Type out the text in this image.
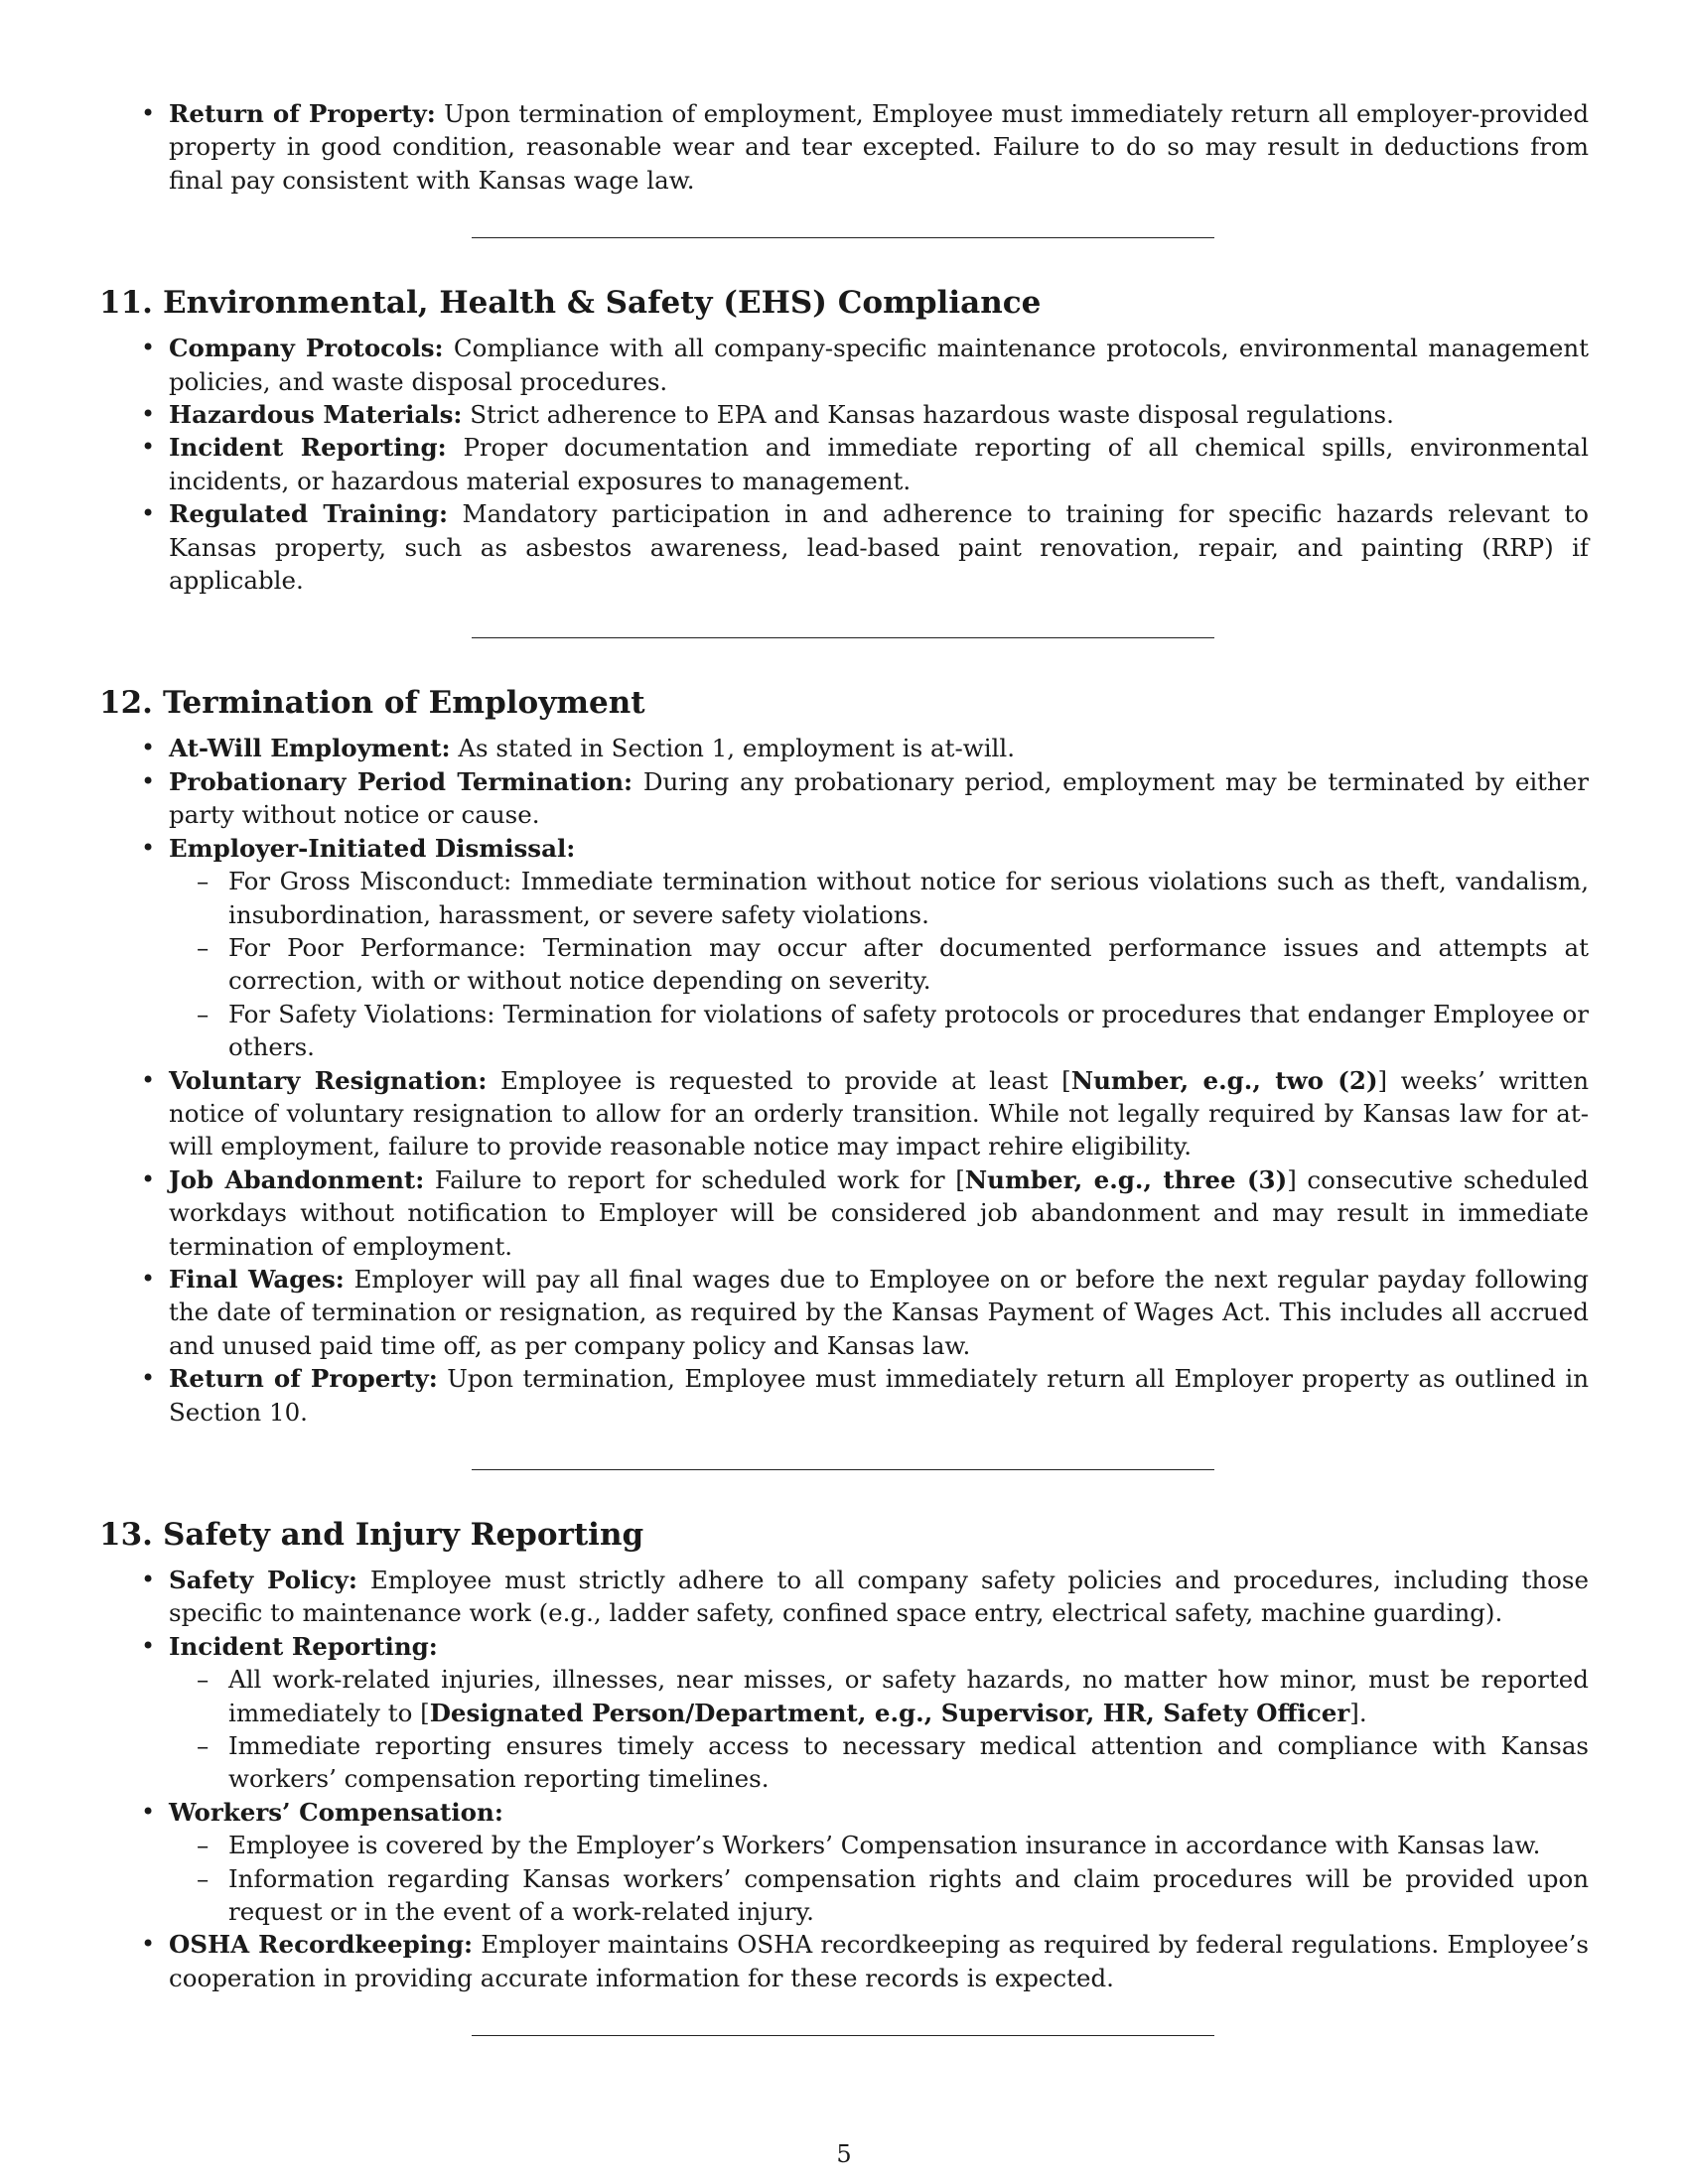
• Return of Property: Upon termination of employment, Employee must immediately return all employer-provided property in good condition, reasonable wear and tear excepted. Failure to do so may result in deductions from final pay consistent with Kansas wage law.
11. Environmental, Health & Safety (EHS) Compliance
• Company Protocols: Compliance with all company-specific maintenance protocols, environmental management policies, and waste disposal procedures.
• Hazardous Materials: Strict adherence to EPA and Kansas hazardous waste disposal regulations.
• Incident Reporting: Proper documentation and immediate reporting of all chemical spills, environmental incidents, or hazardous material exposures to management.
• Regulated Training: Mandatory participation in and adherence to training for specific hazards relevant to Kansas property, such as asbestos awareness, lead-based paint renovation, repair, and painting (RRP) if applicable.
12. Termination of Employment
• At-Will Employment: As stated in Section 1, employment is at-will.
• Probationary Period Termination: During any probationary period, employment may be terminated by either party without notice or cause.
• Employer-Initiated Dismissal:
– For Gross Misconduct: Immediate termination without notice for serious violations such as theft, vandalism, insubordination, harassment, or severe safety violations.
– For Poor Performance: Termination may occur after documented performance issues and attempts at correction, with or without notice depending on severity.
– For Safety Violations: Termination for violations of safety protocols or procedures that endanger Employee or others.
• Voluntary Resignation: Employee is requested to provide at least [Number, e.g., two (2)] weeks’ written notice of voluntary resignation to allow for an orderly transition. While not legally required by Kansas law for at-will employment, failure to provide reasonable notice may impact rehire eligibility.
• Job Abandonment: Failure to report for scheduled work for [Number, e.g., three (3)] consecutive scheduled workdays without notification to Employer will be considered job abandonment and may result in immediate termination of employment.
• Final Wages: Employer will pay all final wages due to Employee on or before the next regular payday following the date of termination or resignation, as required by the Kansas Payment of Wages Act. This includes all accrued and unused paid time off, as per company policy and Kansas law.
• Return of Property: Upon termination, Employee must immediately return all Employer property as outlined in Section 10.
13. Safety and Injury Reporting
• Safety Policy: Employee must strictly adhere to all company safety policies and procedures, including those specific to maintenance work (e.g., ladder safety, confined space entry, electrical safety, machine guarding).
• Incident Reporting:
– All work-related injuries, illnesses, near misses, or safety hazards, no matter how minor, must be reported immediately to [Designated Person/Department, e.g., Supervisor, HR, Safety Officer].
– Immediate reporting ensures timely access to necessary medical attention and compliance with Kansas workers’ compensation reporting timelines.
• Workers’ Compensation:
– Employee is covered by the Employer’s Workers’ Compensation insurance in accordance with Kansas law.
– Information regarding Kansas workers’ compensation rights and claim procedures will be provided upon request or in the event of a work-related injury.
• OSHA Recordkeeping: Employer maintains OSHA recordkeeping as required by federal regulations. Employee’s cooperation in providing accurate information for these records is expected.
5
